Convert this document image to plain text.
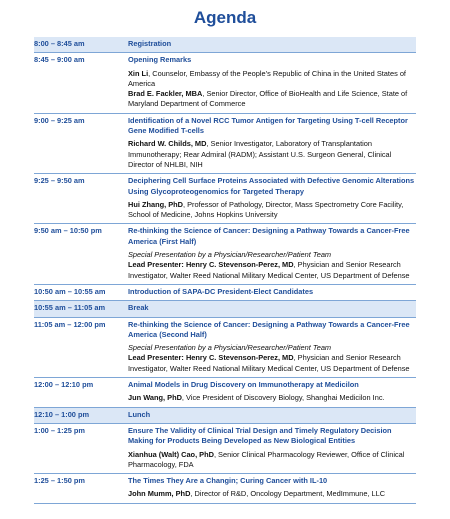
Agenda
8:00 – 8:45 am	Registration
8:45 – 9:00 am	Opening Remarks
Xin Li, Counselor, Embassy of the People’s Republic of China in the United States of America
Brad E. Fackler, MBA, Senior Director, Office of BioHealth and Life Science, State of Maryland Department of Commerce
9:00 – 9:25 am	Identification of a Novel RCC Tumor Antigen for Targeting Using T-cell Receptor Gene Modified T-cells
Richard W. Childs, MD, Senior Investigator, Laboratory of Transplantation Immunotherapy; Rear Admiral (RADM); Assistant U.S. Surgeon General, Clinical Director of NHLBI, NIH
9:25 – 9:50 am	Deciphering Cell Surface Proteins Associated with Defective Genomic Alterations Using Glycoproteogenomics for Targeted Therapy
Hui Zhang, PhD, Professor of Pathology, Director, Mass Spectrometry Core Facility, School of Medicine, Johns Hopkins University
9:50 am – 10:50 pm	Re-thinking the Science of Cancer: Designing a Pathway Towards a Cancer-Free America (First Half)
Special Presentation by a Physician/Researcher/Patient Team
Lead Presenter: Henry C. Stevenson-Perez, MD, Physician and Senior Research Investigator, Walter Reed National Military Medical Center, US Department of Defense
10:50 am – 10:55 am	Introduction of SAPA-DC President-Elect Candidates
10:55 am – 11:05 am	Break
11:05 am – 12:00 pm	Re-thinking the Science of Cancer: Designing a Pathway Towards a Cancer-Free America (Second Half)
Special Presentation by a Physician/Researcher/Patient Team
Lead Presenter: Henry C. Stevenson-Perez, MD, Physician and Senior Research Investigator, Walter Reed National Military Medical Center, US Department of Defense
12:00 – 12:10 pm	Animal Models in Drug Discovery on Immunotherapy at Medicilon
Jun Wang, PhD, Vice President of Discovery Biology, Shanghai Medicilon Inc.
12:10 – 1:00 pm	Lunch
1:00 – 1:25 pm	Ensure The Validity of Clinical Trial Design and Timely Regulatory Decision Making for Products Being Developed as New Biological Entities
Xianhua (Walt) Cao, PhD, Senior Clinical Pharmacology Reviewer, Office of Clinical Pharmacology, FDA
1:25 – 1:50 pm	The Times They Are a Changin; Curing Cancer with IL-10
John Mumm, PhD, Director of R&D, Oncology Department, MedImmune, LLC
